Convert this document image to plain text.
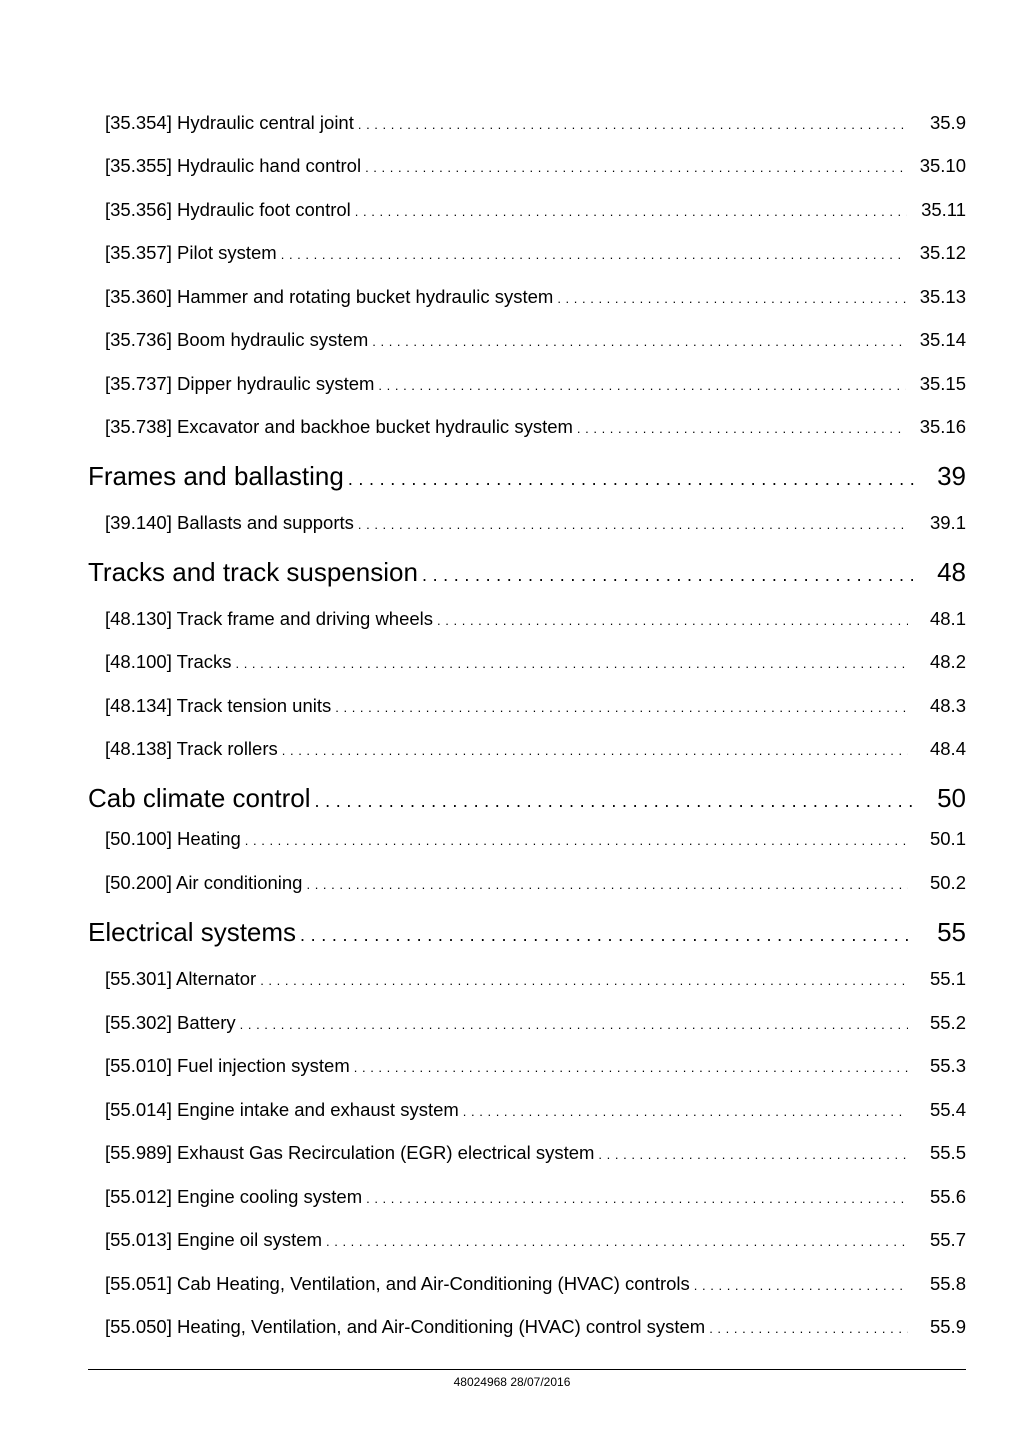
[35.354] Hydraulic central joint . . .	35.9
[35.355] Hydraulic hand control . . .	35.10
[35.356] Hydraulic foot control . . .	35.11
[35.357] Pilot system . . .	35.12
[35.360] Hammer and rotating bucket hydraulic system . . .	35.13
[35.736] Boom hydraulic system . . .	35.14
[35.737] Dipper hydraulic system . . .	35.15
[35.738] Excavator and backhoe bucket hydraulic system . . .	35.16
Frames and ballasting . . .	39
[39.140] Ballasts and supports . . .	39.1
Tracks and track suspension . . .	48
[48.130] Track frame and driving wheels . . .	48.1
[48.100] Tracks . . .	48.2
[48.134] Track tension units . . .	48.3
[48.138] Track rollers . . .	48.4
Cab climate control . . .	50
[50.100] Heating . . .	50.1
[50.200] Air conditioning . . .	50.2
Electrical systems . . .	55
[55.301] Alternator . . .	55.1
[55.302] Battery . . .	55.2
[55.010] Fuel injection system . . .	55.3
[55.014] Engine intake and exhaust system . . .	55.4
[55.989] Exhaust Gas Recirculation (EGR) electrical system . . .	55.5
[55.012] Engine cooling system . . .	55.6
[55.013] Engine oil system . . .	55.7
[55.051] Cab Heating, Ventilation, and Air-Conditioning (HVAC) controls . . .	55.8
[55.050] Heating, Ventilation, and Air-Conditioning (HVAC) control system . . .	55.9
48024968 28/07/2016
